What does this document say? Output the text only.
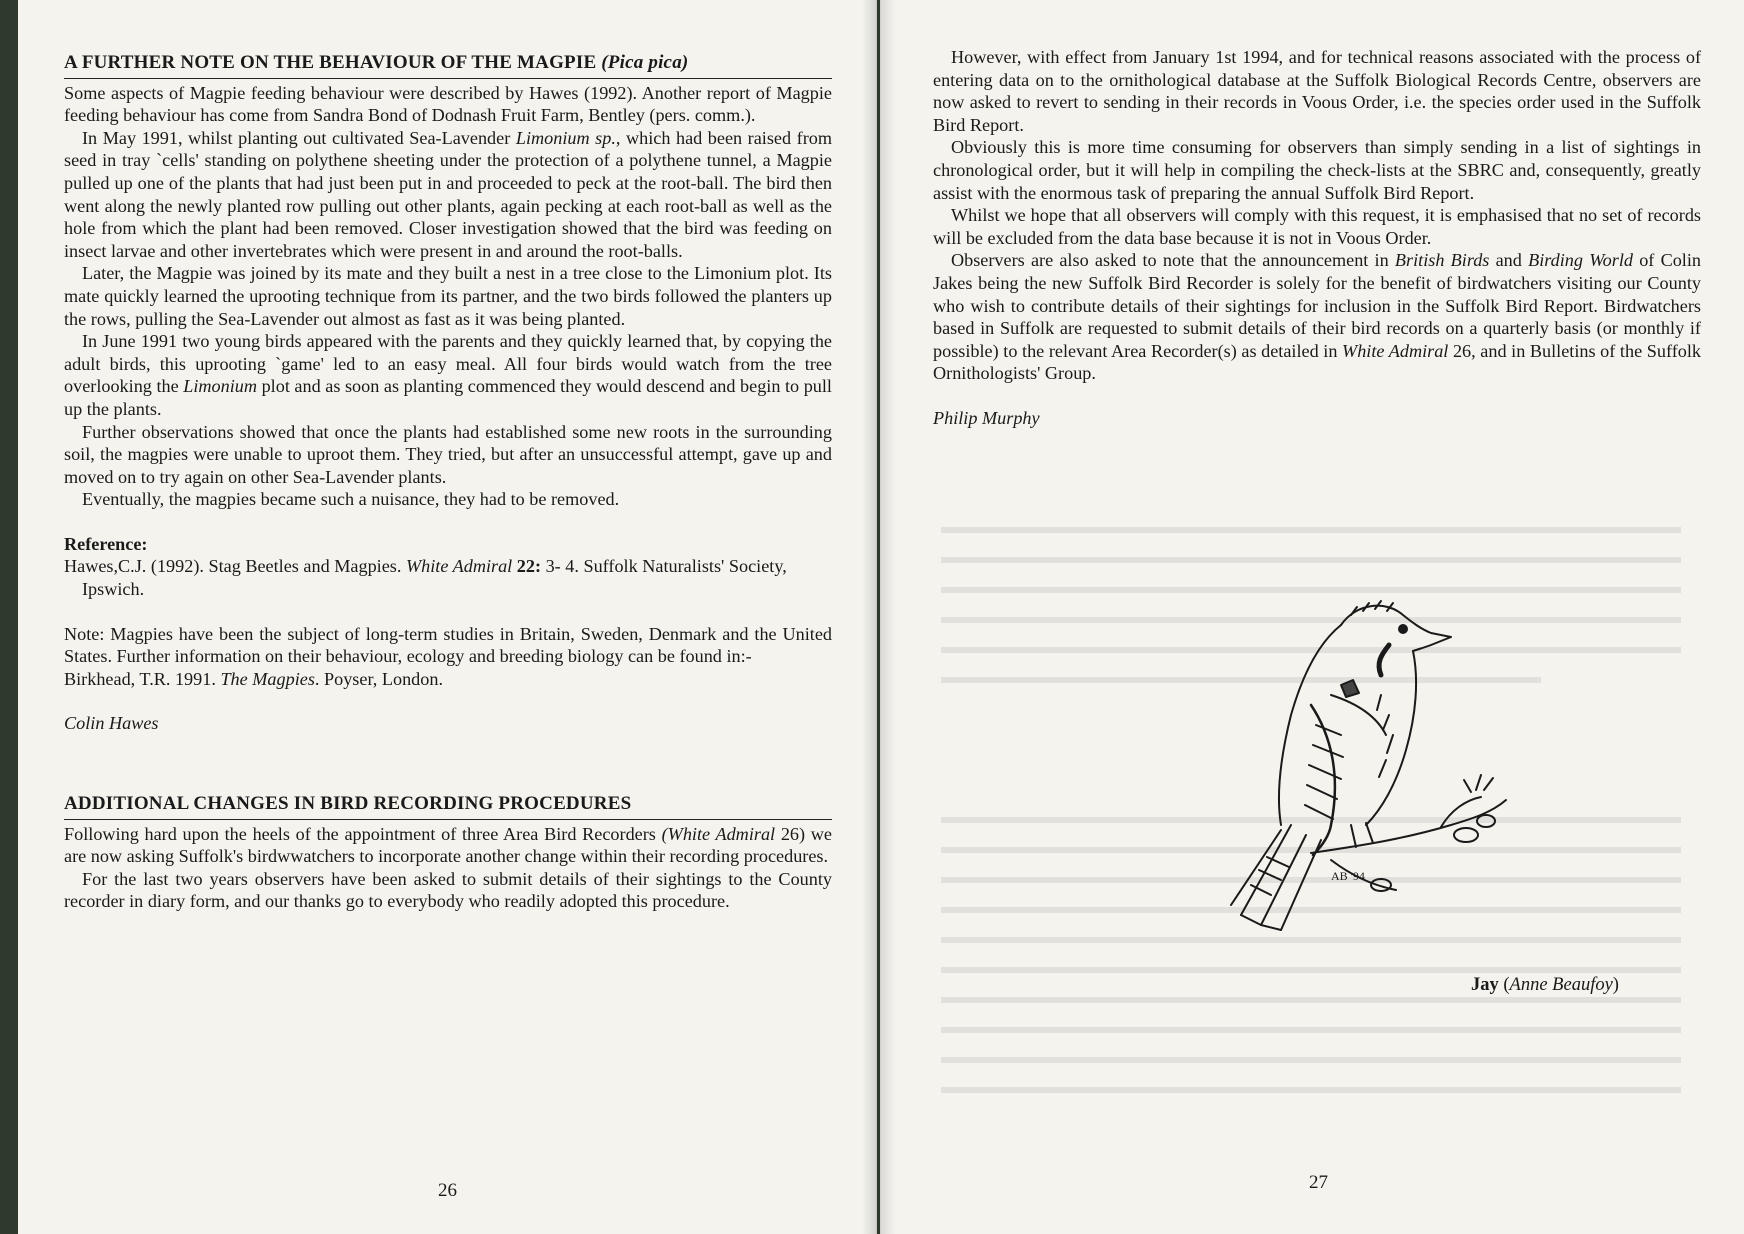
A FURTHER NOTE ON THE BEHAVIOUR OF THE MAGPIE (Pica pica)

Some aspects of Magpie feeding behaviour were described by Hawes (1992). Another report of Magpie feeding behaviour has come from Sandra Bond of Dodnash Fruit Farm, Bentley (pers. comm.).

In May 1991, whilst planting out cultivated Sea-Lavender Limonium sp., which had been raised from seed in tray `cells' standing on polythene sheeting under the protection of a polythene tunnel, a Magpie pulled up one of the plants that had just been put in and proceeded to peck at the root-ball. The bird then went along the newly planted row pulling out other plants, again pecking at each root-ball as well as the hole from which the plant had been removed. Closer investigation showed that the bird was feeding on insect larvae and other invertebrates which were present in and around the root-balls.

Later, the Magpie was joined by its mate and they built a nest in a tree close to the Limonium plot. Its mate quickly learned the uprooting technique from its partner, and the two birds followed the planters up the rows, pulling the Sea-Lavender out almost as fast as it was being planted.

In June 1991 two young birds appeared with the parents and they quickly learned that, by copying the adult birds, this uprooting `game' led to an easy meal. All four birds would watch from the tree overlooking the Limonium plot and as soon as planting commenced they would descend and begin to pull up the plants.

Further observations showed that once the plants had established some new roots in the surrounding soil, the magpies were unable to uproot them. They tried, but after an unsuccessful attempt, gave up and moved on to try again on other Sea-Lavender plants.

Eventually, the magpies became such a nuisance, they had to be removed.

Reference:

Hawes,C.J. (1992). Stag Beetles and Magpies. White Admiral 22: 3- 4. Suffolk Naturalists' Society, Ipswich.

Note: Magpies have been the subject of long-term studies in Britain, Sweden, Denmark and the United States. Further information on their behaviour, ecology and breeding biology can be found in:-

Birkhead, T.R. 1991. The Magpies. Poyser, London.

Colin Hawes

ADDITIONAL CHANGES IN BIRD RECORDING PROCEDURES

Following hard upon the heels of the appointment of three Area Bird Recorders (White Admiral 26) we are now asking Suffolk's birdwwatchers to incorporate another change within their recording procedures.

For the last two years observers have been asked to submit details of their sightings to the County recorder in diary form, and our thanks go to everybody who readily adopted this procedure.

26

However, with effect from January 1st 1994, and for technical reasons associated with the process of entering data on to the ornithological database at the Suffolk Biological Records Centre, observers are now asked to revert to sending in their records in Voous Order, i.e. the species order used in the Suffolk Bird Report.

Obviously this is more time consuming for observers than simply sending in a list of sightings in chronological order, but it will help in compiling the check-lists at the SBRC and, consequently, greatly assist with the enormous task of preparing the annual Suffolk Bird Report.

Whilst we hope that all observers will comply with this request, it is emphasised that no set of records will be excluded from the data base because it is not in Voous Order.

Observers are also asked to note that the announcement in British Birds and Birding World of Colin Jakes being the new Suffolk Bird Recorder is solely for the benefit of birdwatchers visiting our County who wish to contribute details of their sightings for inclusion in the Suffolk Bird Report. Birdwatchers based in Suffolk are requested to submit details of their bird records on a quarterly basis (or monthly if possible) to the relevant Area Recorder(s) as detailed in White Admiral 26, and in Bulletins of the Suffolk Ornithologists' Group.

Philip Murphy

AB '94
Jay (Anne Beaufoy)
27
